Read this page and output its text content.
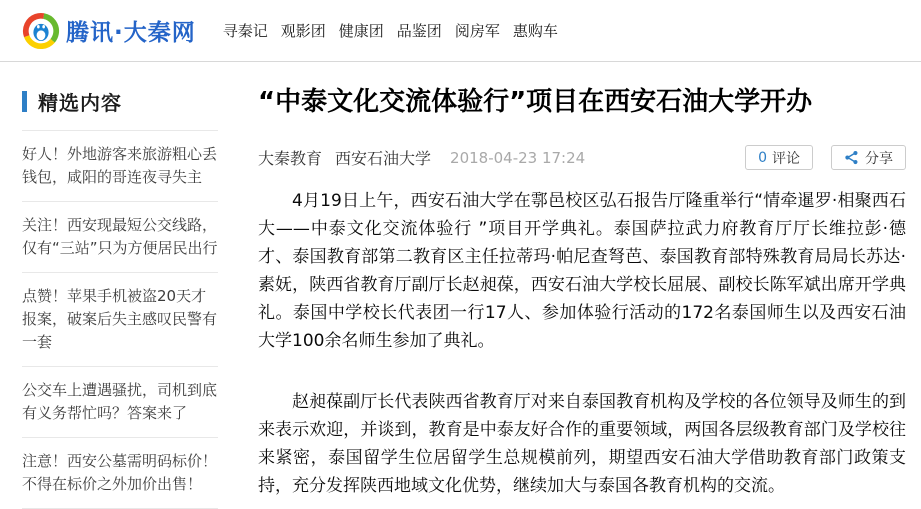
腾讯·大秦网 寻秦记 观影团 健康团 品鉴团 阅房军 惠购车
精选内容
好人！外地游客来旅游粗心丢钱包，咸阳的哥连夜寻失主
关注！西安现最短公交线路，仅有“三站”只为方便居民出行
点赞！苹果手机被盗20天才报案，破案后失主感叹民警有一套
公交车上遭遇骚扰，司机到底有义务帮忙吗？答案来了
注意！西安公墓需明码标价！不得在标价之外加价出售！
“中泰文化交流体验行”项目在西安石油大学开办
大秦教育 西安石油大学 2018-04-23 17:24	0 评论	分享

4月19日上午，西安石油大学在鄠邑校区弘石报告厅隆重举行“情牵暹罗·相聚西石大——中泰文化交流体验行 ”项目开学典礼。泰国萨拉武力府教育厅厅长维拉彭·德才、泰国教育部第二教育区主任拉蒂玛·帕尼查弩芭、泰国教育部特殊教育局局长苏达·素妩，陕西省教育厅副厅长赵昶葆，西安石油大学校长屈展、副校长陈军斌出席开学典礼。泰国中学校长代表团一行17人、参加体验行活动的172名泰国师生以及西安石油大学100余名师生参加了典礼。

赵昶葆副厅长代表陕西省教育厅对来自泰国教育机构及学校的各位领导及师生的到来表示欢迎，并谈到，教育是中泰友好合作的重要领域，两国各层级教育部门及学校往来紧密，泰国留学生位居留学生总规模前列，期望西安石油大学借助教育部门政策支持，充分发挥陕西地域文化优势，继续加大与泰国各教育机构的交流。
